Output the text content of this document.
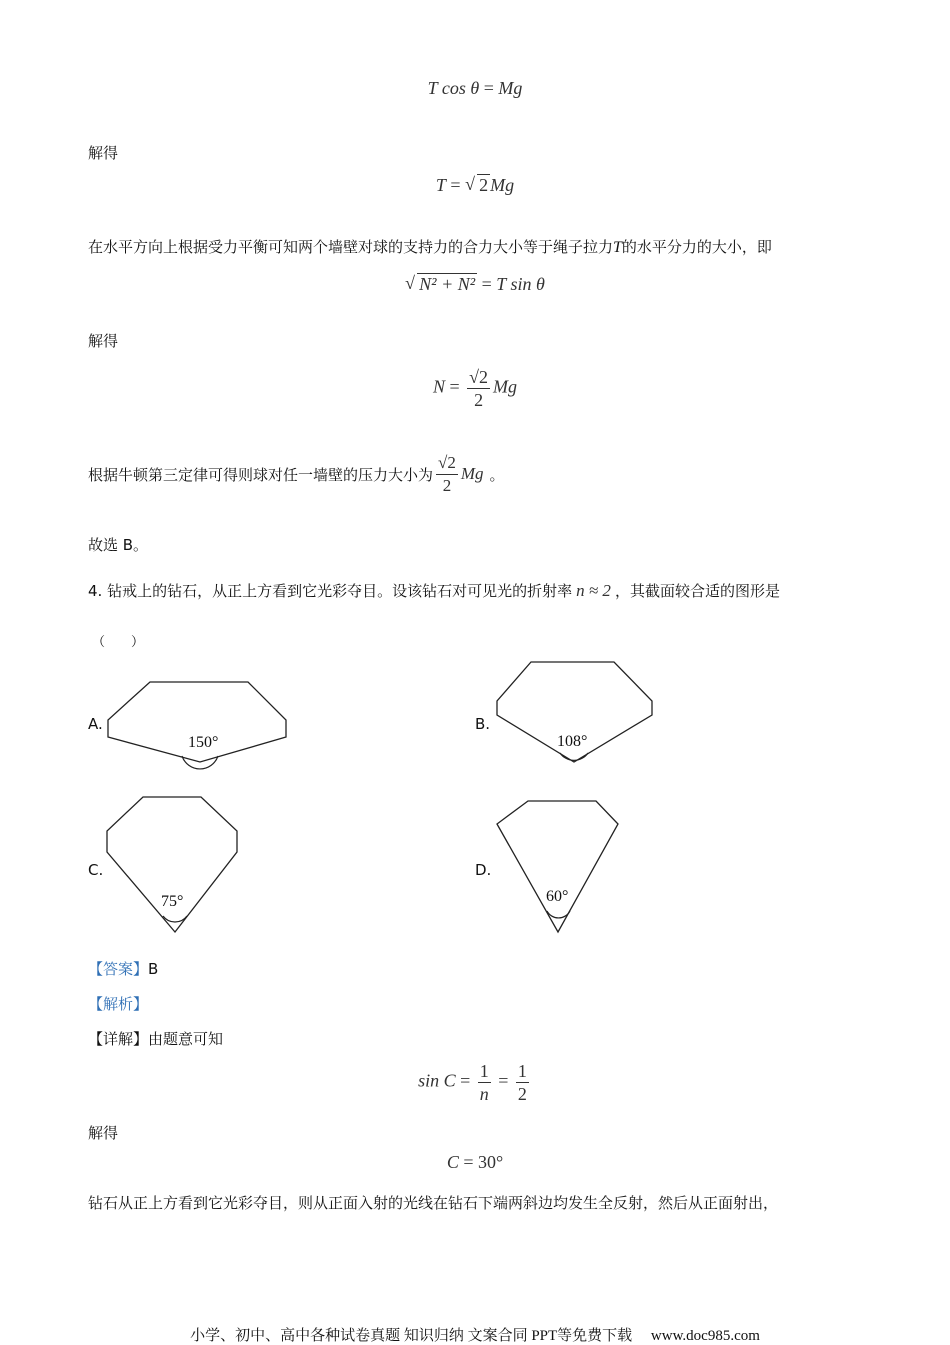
T cos θ = Mg
解得
T = √ 2 Mg
在水平方向上根据受力平衡可知两个墙壁对球的支持力的合力大小等于绳子拉力T的水平分力的大小，即
√ N² + N² = T sin θ
解得
$N = \frac{√2}{2}$ Mg
根据牛顿第三定律可得则球对任一墙壁的压力大小为 $\frac{√2}{2}$ Mg 。
故选 B。
4. 钻戒上的钻石，从正上方看到它光彩夺目。设该钻石对可见光的折射率 n ≈ 2 ，其截面较合适的图形是
（　　）
A.
150°
B.
108°
C.
75°
D.
60°
【答案】B
【解析】
【详解】由题意可知
$\sin C = \frac{1}{n} = \frac{1}{2}$
解得
C = 30°
钻石从正上方看到它光彩夺目，则从正面入射的光线在钻石下端两斜边均发生全反射，然后从正面射出，
小学、初中、高中各种试卷真题 知识归纳 文案合同 PPT等免费下载　 www.doc985.com
